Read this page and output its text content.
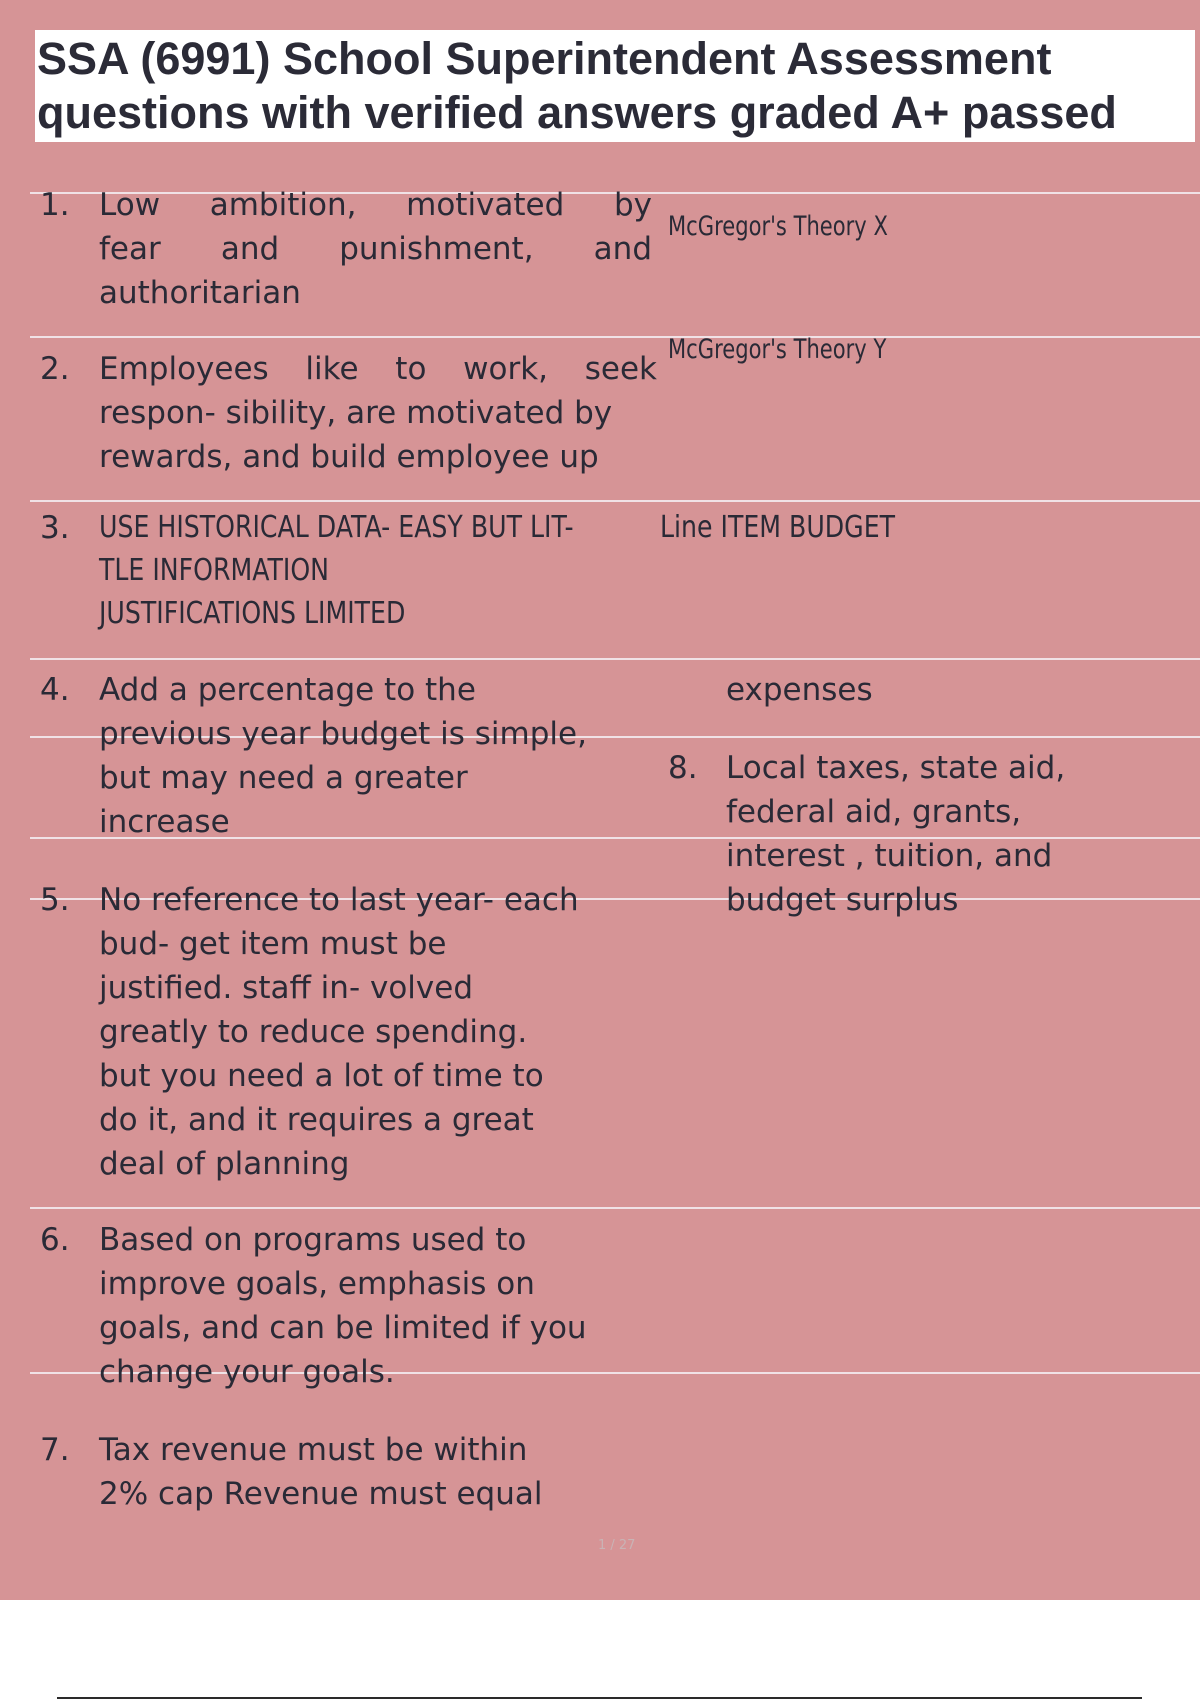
SSA (6991) School Superintendent Assessment

questions with verified answers graded A+ passed

1. Low ambition, motivated by
fear and punishment, and
authoritarian
McGregor's Theory X
2. Employees like to work, seek
respon- sibility, are motivated by
rewards, and build employee up
McGregor's Theory Y
3. USE HISTORICAL DATA- EASY BUT LIT-
TLE INFORMATION
JUSTIFICATIONS LIMITED
Line ITEM BUDGET
4. Add a percentage to the
previous year budget is simple,
but may need a greater
increase
expenses
8. Local taxes, state aid,
federal aid, grants,
interest , tuition, and
budget surplus
5. No reference to last year- each
bud- get item must be
justified. staff in- volved
greatly to reduce spending.
but you need a lot of time to
do it, and it requires a great
deal of planning
6. Based on programs used to
improve goals, emphasis on
goals, and can be limited if you
change your goals.
7. Tax revenue must be within
2% cap Revenue must equal
1 / 27
